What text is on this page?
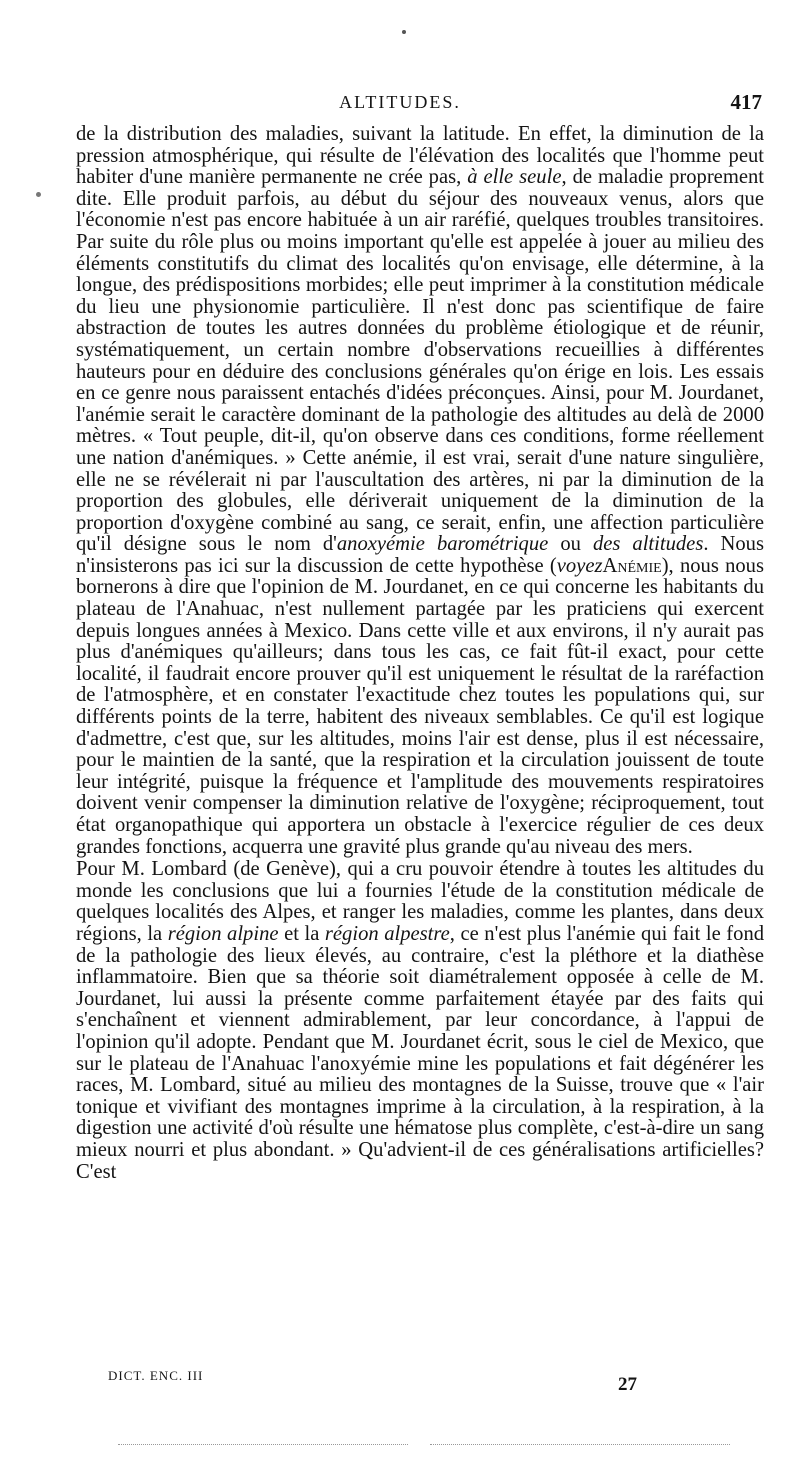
ALTITUDES.	417

de la distribution des maladies, suivant la latitude. En effet, la diminution de la pression atmosphérique, qui résulte de l'élévation des localités que l'homme peut habiter d'une manière permanente ne crée pas, à elle seule, de maladie proprement dite. Elle produit parfois, au début du séjour des nouveaux venus, alors que l'économie n'est pas encore habituée à un air raréfié, quelques troubles transitoires. Par suite du rôle plus ou moins important qu'elle est appelée à jouer au milieu des éléments constitutifs du climat des localités qu'on envisage, elle détermine, à la longue, des prédispositions morbides; elle peut imprimer à la constitution médicale du lieu une physionomie particulière. Il n'est donc pas scientifique de faire abstraction de toutes les autres données du problème étiologique et de réunir, systématiquement, un certain nombre d'observations recueillies à différentes hauteurs pour en déduire des conclusions générales qu'on érige en lois. Les essais en ce genre nous paraissent entachés d'idées préconçues. Ainsi, pour M. Jourdanet, l'anémie serait le caractère dominant de la pathologie des altitudes au delà de 2000 mètres. « Tout peuple, dit-il, qu'on observe dans ces conditions, forme réellement une nation d'anémiques. » Cette anémie, il est vrai, serait d'une nature singulière, elle ne se révélerait ni par l'auscultation des artères, ni par la diminution de la proportion des globules, elle dériverait uniquement de la diminution de la proportion d'oxygène combiné au sang, ce serait, enfin, une affection particulière qu'il désigne sous le nom d'anoxyémie barométrique ou des altitudes. Nous n'insisterons pas ici sur la discussion de cette hypothèse (voyezAnémie), nous nous bornerons à dire que l'opinion de M. Jourdanet, en ce qui concerne les habitants du plateau de l'Anahuac, n'est nullement partagée par les praticiens qui exercent depuis longues années à Mexico. Dans cette ville et aux environs, il n'y aurait pas plus d'anémiques qu'ailleurs; dans tous les cas, ce fait fût-il exact, pour cette localité, il faudrait encore prouver qu'il est uniquement le résultat de la raréfaction de l'atmosphère, et en constater l'exactitude chez toutes les populations qui, sur différents points de la terre, habitent des niveaux semblables. Ce qu'il est logique d'admettre, c'est que, sur les altitudes, moins l'air est dense, plus il est nécessaire, pour le maintien de la santé, que la respiration et la circulation jouissent de toute leur intégrité, puisque la fréquence et l'amplitude des mouvements respiratoires doivent venir compenser la diminution relative de l'oxygène; réciproquement, tout état organopathique qui apportera un obstacle à l'exercice régulier de ces deux grandes fonctions, acquerra une gravité plus grande qu'au niveau des mers.

Pour M. Lombard (de Genève), qui a cru pouvoir étendre à toutes les altitudes du monde les conclusions que lui a fournies l'étude de la constitution médicale de quelques localités des Alpes, et ranger les maladies, comme les plantes, dans deux régions, la région alpine et la région alpestre, ce n'est plus l'anémie qui fait le fond de la pathologie des lieux élevés, au contraire, c'est la pléthore et la diathèse inflammatoire. Bien que sa théorie soit diamétralement opposée à celle de M. Jourdanet, lui aussi la présente comme parfaitement étayée par des faits qui s'enchaînent et viennent admirablement, par leur concordance, à l'appui de l'opinion qu'il adopte. Pendant que M. Jourdanet écrit, sous le ciel de Mexico, que sur le plateau de l'Anahuac l'anoxyémie mine les populations et fait dégénérer les races, M. Lombard, situé au milieu des montagnes de la Suisse, trouve que « l'air tonique et vivifiant des montagnes imprime à la circulation, à la respiration, à la digestion une activité d'où résulte une hématose plus complète, c'est-à-dire un sang mieux nourri et plus abondant. » Qu'advient-il de ces généralisations artificielles? C'est

DICT. ENC. III	27
